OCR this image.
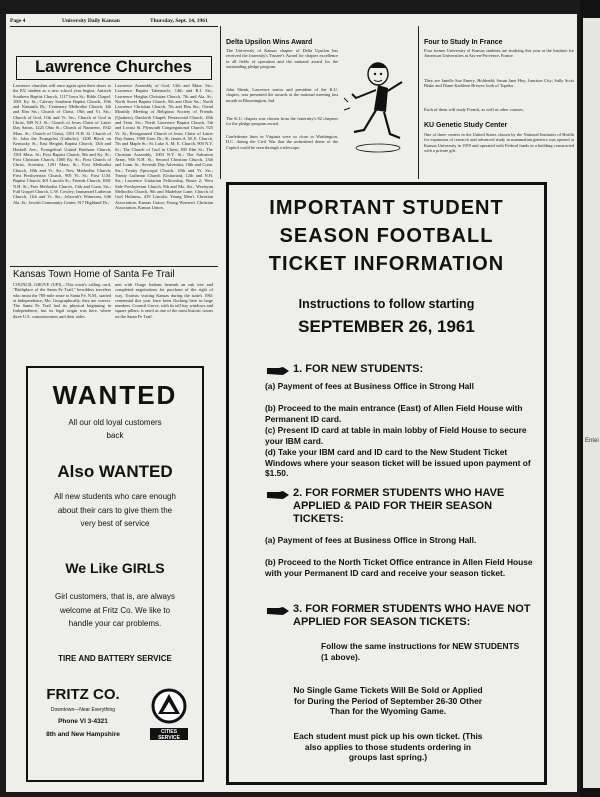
Entei
Page 4	University Daily Kansan	Thursday, Sept. 14, 1961
Lawrence Churches
Lawrence churches will once again open their doors to the KU student as a new school year begins. Antioch Southern Baptist Church, 1117 Iowa St.; Bible Chapel, 1001 Ky. St.; Calvary Southern Baptist Church, 19th and Naismith Dr.; Centenary Methodist Church, 4th and Elm Sts.; Church of Christ, 19th and Vt. Sts.; Church of God, 11th and Vt. Sts.; Church of God in Christ, 849 N.J. St.; Church of Jesus Christ of Latter Day Saints, 1225 Ohio St.; Church of Nazarene, 1942 Mass. St.; Church of Christ, 1501 N.H. St. Church of St. John the Evangelist (Catholic), 1200 Block on Kentucky St.; East Heights Baptist Church, 13th and Haskell Ave.; Evangelical United Brethren Church, 1501 Mass. St.; First Baptist Church, 8th and Ky. St.; First Christian Church, 1000 Ky. St.; First Church of Christ, Scientist, 1201 Mass. St.; First Methodist Church, 10th and Vt. Sts.; New Methodist Church; First Presbyterian Church, 905 Vt. St.; First U.M. Baptist Church, 401 Lincoln St.; Friends Church, 1601 N.H. St.; Free Methodist Church, 13th and Conn. Sts.; Full Gospel Church, L.W. Cowley; Immanuel Lutheran Church, 11th and Vt. Sts.; Jehovah's Witnesses, 646 Ala. St.; Jewish Community Center, 917 Highland Dr.;
Lawrence Assembly of God, 13th and Mass. Sts.; Lawrence Baptist Tabernacle, 14th and R.I. Sts.; Lawrence Heights Christian Church, 7th and Ala. St.; North Street Baptist Church, 9th and Ohio Sts.; North Lawrence Christian Church, 7th and Elm Sts.; Oread Monthly Meeting of Religious Society of Friends (Quakers), Danforth Chapel; Pentecostal Church, 18th and Tenn. Sts.; North Lawrence Baptist Church, 5th and Locust St. Plymouth Congregational Church, 925 Vt. St.; Reorganized Church of Jesus Christ of Latter Day Saints, 1900 Univ. Dr.; St. James A. M. E. Church, 7th and Maple St.; St. Luke A. M. E. Church, 900 N.Y. St.; The Church of God in Christ, 835 Elm St.; The Christian Assembly, 1003 N.Y. St.; The Salvation Army, 946 N.H. St.; Second Christian Church, 13th and Conn. St.; Seventh Day Adventist, 10th and Conn. Sts.; Trinity Episcopal Church, 10th and Vt. Sts.; Trinity Lutheran Church (Unitarian), 12th and N.H. Sts.; Lawrence Unitarian Fellowship, Route 2; West Side Presbyterian Church, 8th and Mo. Sts.; Wesleyan Methodist Church, 9th and Madeline Lane; Church of God Holiness, 419 Lincoln; Young Men's Christian Association, Kansas Union; Young Women's Christian Association, Kansas Union.
Kansas Town Home of Santa Fe Trail
COUNCIL GROVE (UPI)—This town's calling card, "Birthplace of the Santa Fe Trail," bewilders travelers who insist the 780-mile route to Santa Fe, N.M., started at Independence, Mo. Geographically, they are correct. The Santa Fe Trail had its physical beginning in Independence, but its legal origin was here, where three U.S. commissioners and their aides
met with Osage Indians beneath an oak tree and completed negotiations for purchase of the right of way. Tourists visiting Kansas during the state's 1961 centennial this year have been flocking here in large numbers. Council Grove, with its tall bay windows and square pillars, is rated as one of the most historic towns on the Santa Fe Trail.
WANTED
All our old loyal customers back
Also WANTED
All new students who care enough about their cars to give them the very best of service
We Like GIRLS
Girl customers, that is, are always welcome at Fritz Co. We like to handle your car problems.
TIRE AND BATTERY SERVICE
FRITZ CO.
Downtown—Near Everything
Phone VI 3-4321
8th and New Hampshire	CITIES SERVICE
Delta Upsilon Wins Award
The University of Kansas chapter of Delta Upsilon has received the fraternity's Trustee's Award for chapter excellence in all fields of operation and the national award for the outstanding pledge program.
John Shenk, Lawrence senior and president of the K.U. chapter, was presented the awards at the national meeting last month in Bloomington, Ind.
The K.U. chapter was chosen from the fraternity's 82 chapters for the pledge program award.
Confederate lines in Virginia were so close to Washington, D.C. during the Civil War that the unfinished dome of the Capitol could be seen through a telescope.
Four to Study In France
Four former University of Kansas students are studying this year at the Institute for American Universities at Aix-en-Provence, France.
They are Janelle Sue Emery, Holdredd; Susan Jane Hoy, Junction City; Sally Scott Blake and Diane Kathleen Brewer, both of Topeka.
Each of them will study French, as well as other courses.
KU Genetic Study Center
One of three centers in the United States chosen by the National Institutes of Health for expansion of research and advanced study in mammalian genetics was opened at Kansas University in 1959 and operated with Federal funds in a building constructed with a private gift.
IMPORTANT STUDENT
SEASON FOOTBALL
TICKET INFORMATION
Instructions to follow starting
SEPTEMBER 26, 1961
1. FOR NEW STUDENTS:
(a) Payment of fees at Business Office in Strong Hall
(b) Proceed to the main entrance (East) of Allen Field House with Permanent ID card.
(c) Present ID card at table in main lobby of Field House to secure your IBM card.
(d) Take your IBM card and ID card to the New Student Ticket Windows where your season ticket will be issued upon payment of $1.50.
2. FOR FORMER STUDENTS WHO HAVE APPLIED & PAID FOR THEIR SEASON TICKETS:
(a) Payment of fees at Business Office in Strong Hall.
(b) Proceed to the North Ticket Office entrance in Allen Field House with your Permanent ID card and receive your season ticket.
3. FOR FORMER STUDENTS WHO HAVE NOT APPLIED FOR SEASON TICKETS:
Follow the same instructions for NEW STUDENTS (1 above).
No Single Game Tickets Will Be Sold or Applied for During the Period of September 26-30 Other Than for the Wyoming Game.
Each student must pick up his own ticket. (This also applies to those students ordering in groups last spring.)
